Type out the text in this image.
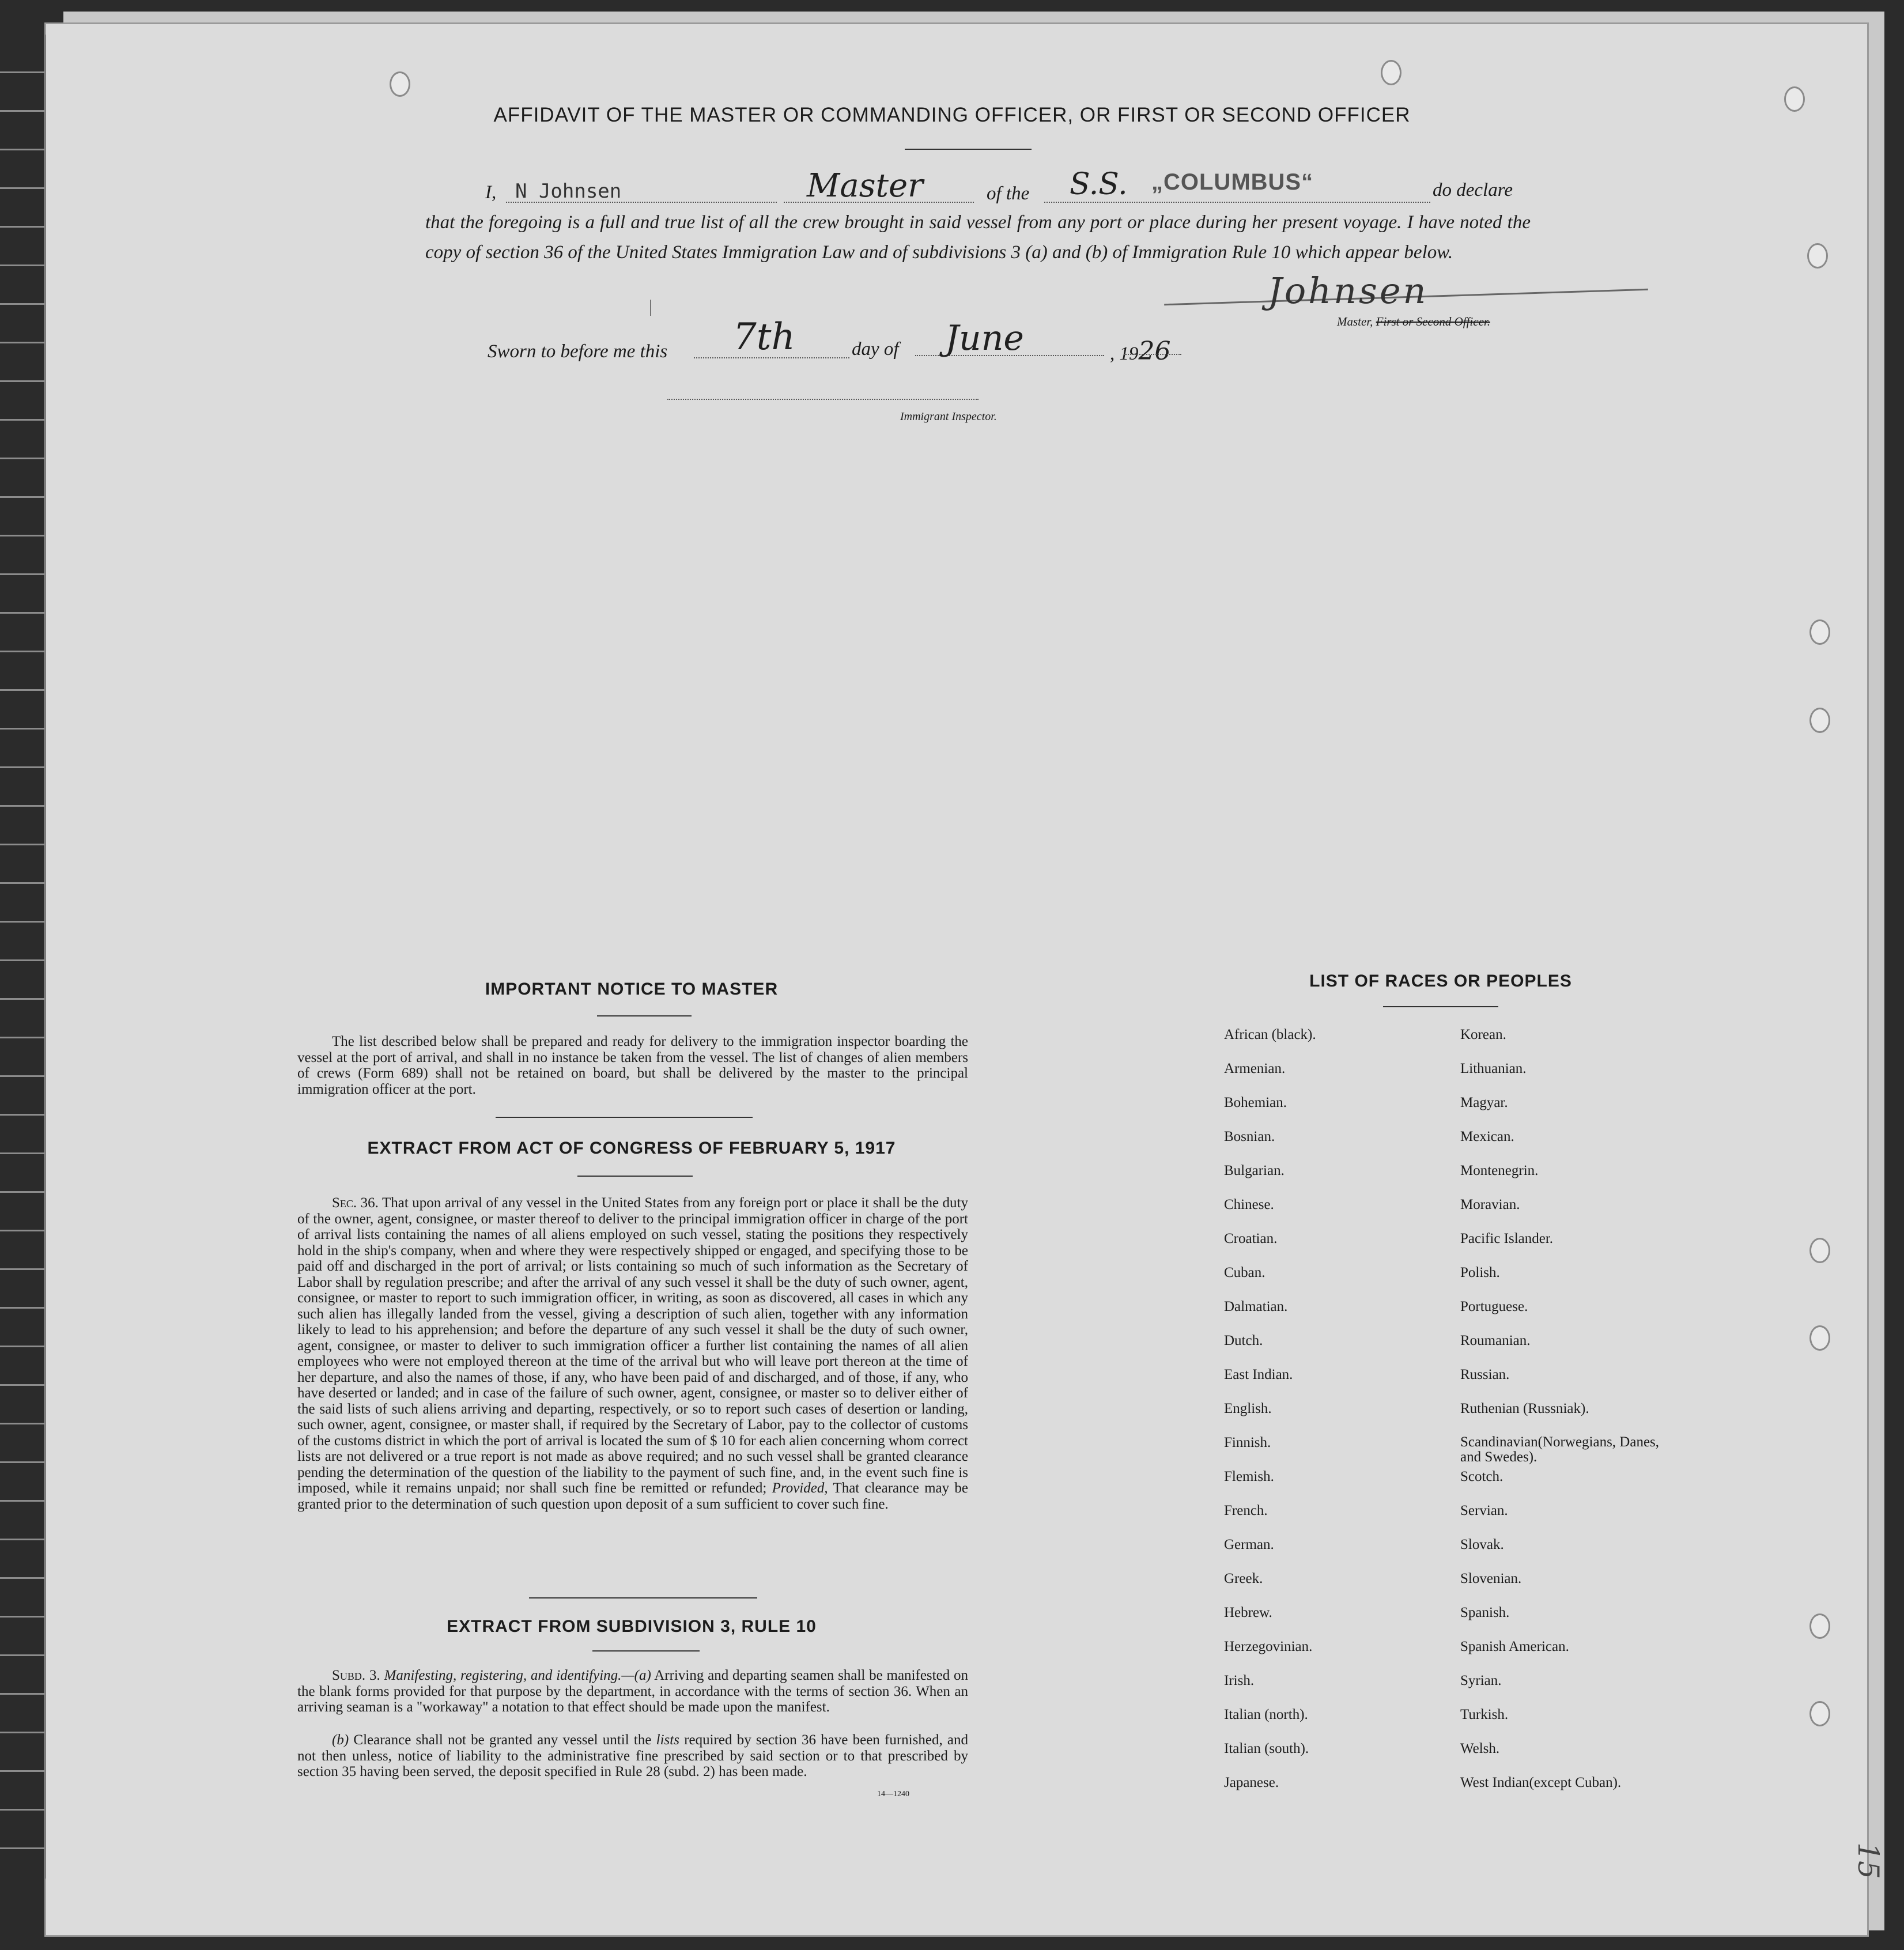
AFFIDAVIT OF THE MASTER OR COMMANDING OFFICER, OR FIRST OR SECOND OFFICER
I, N Johnsen	Master	of the S.S. „COLUMBUS“	do declare
that the foregoing is a full and true list of all the crew brought in said vessel from any port or place during her present voyage. I have noted the copy of section 36 of the United States Immigration Law and of subdivisions 3 (a) and (b) of Immigration Rule 10 which appear below.
Sworn to before me this 7th	day of June	, 1926
Johnsen
Master, First or Second Officer.
Immigrant Inspector.
IMPORTANT NOTICE TO MASTER
The list described below shall be prepared and ready for delivery to the immigration inspector boarding the vessel at the port of arrival, and shall in no instance be taken from the vessel. The list of changes of alien members of crews (Form 689) shall not be retained on board, but shall be delivered by the master to the principal immigration officer at the port.
EXTRACT FROM ACT OF CONGRESS OF FEBRUARY 5, 1917
Sec. 36. That upon arrival of any vessel in the United States from any foreign port or place it shall be the duty of the owner, agent, consignee, or master thereof to deliver to the principal immigration officer in charge of the port of arrival lists containing the names of all aliens employed on such vessel, stating the positions they respectively hold in the ship's company, when and where they were respectively shipped or engaged, and specifying those to be paid off and discharged in the port of arrival; or lists containing so much of such information as the Secretary of Labor shall by regulation prescribe; and after the arrival of any such vessel it shall be the duty of such owner, agent, consignee, or master to report to such immigration officer, in writing, as soon as discovered, all cases in which any such alien has illegally landed from the vessel, giving a description of such alien, together with any information likely to lead to his apprehension; and before the departure of any such vessel it shall be the duty of such owner, agent, consignee, or master to deliver to such immigration officer a further list containing the names of all alien employees who were not employed thereon at the time of the arrival but who will leave port thereon at the time of her departure, and also the names of those, if any, who have been paid of and discharged, and of those, if any, who have deserted or landed; and in case of the failure of such owner, agent, consignee, or master so to deliver either of the said lists of such aliens arriving and departing, respectively, or so to report such cases of desertion or landing, such owner, agent, consignee, or master shall, if required by the Secretary of Labor, pay to the collector of customs of the customs district in which the port of arrival is located the sum of $ 10 for each alien concerning whom correct lists are not delivered or a true report is not made as above required; and no such vessel shall be granted clearance pending the determination of the question of the liability to the payment of such fine, and, in the event such fine is imposed, while it remains unpaid; nor shall such fine be remitted or refunded; Provided, That clearance may be granted prior to the determination of such question upon deposit of a sum sufficient to cover such fine.
EXTRACT FROM SUBDIVISION 3, RULE 10
Subd. 3. Manifesting, registering, and identifying.—(a) Arriving and departing seamen shall be manifested on the blank forms provided for that purpose by the department, in accordance with the terms of section 36. When an arriving seaman is a "workaway" a notation to that effect should be made upon the manifest.
(b) Clearance shall not be granted any vessel until the lists required by section 36 have been furnished, and not then unless, notice of liability to the administrative fine prescribed by said section or to that prescribed by section 35 having been served, the deposit specified in Rule 28 (subd. 2) has been made.
14—1240
LIST OF RACES OR PEOPLES
African (black).
Armenian.
Bohemian.
Bosnian.
Bulgarian.
Chinese.
Croatian.
Cuban.
Dalmatian.
Dutch.
East Indian.
English.
Finnish.
Flemish.
French.
German.
Greek.
Hebrew.
Herzegovinian.
Irish.
Italian (north).
Italian (south).
Japanese.
Korean.
Lithuanian.
Magyar.
Mexican.
Montenegrin.
Moravian.
Pacific Islander.
Polish.
Portuguese.
Roumanian.
Russian.
Ruthenian (Russniak).
Scandinavian(Norwegians, Danes, and Swedes).
Scotch.
Servian.
Slovak.
Slovenian.
Spanish.
Spanish American.
Syrian.
Turkish.
Welsh.
West Indian(except Cuban).
15
